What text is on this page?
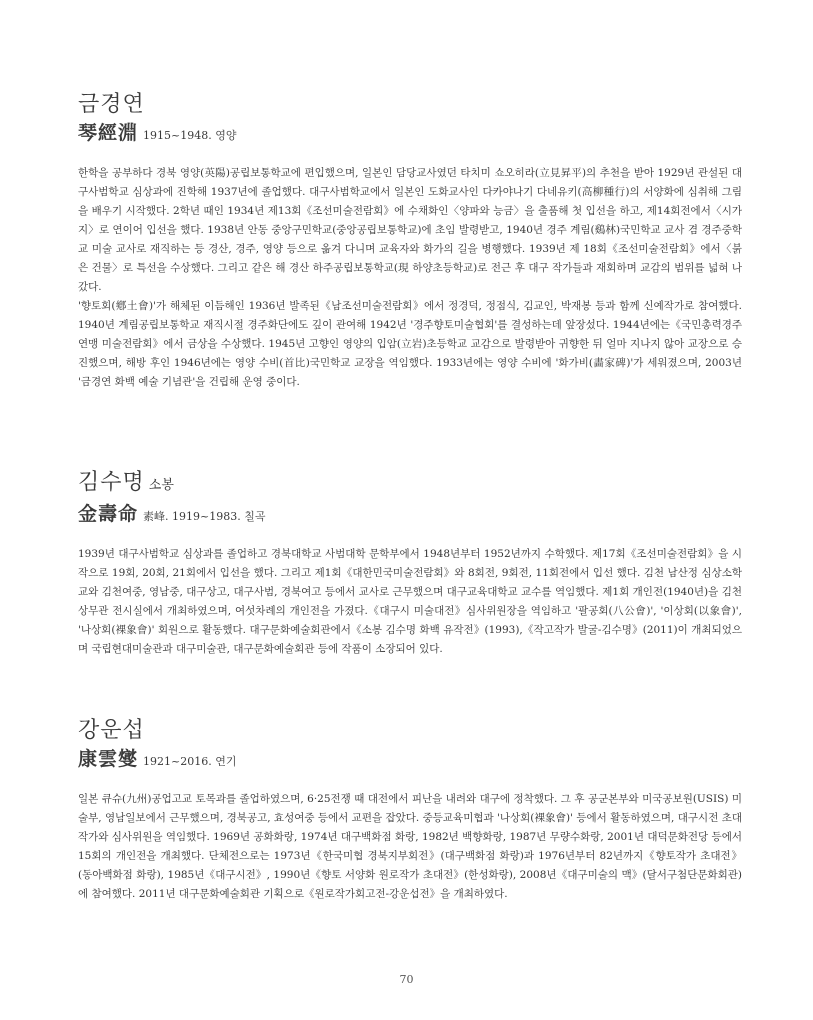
금경연
琴經淵 1915~1948. 영양

한학을 공부하다 경북 영양(英陽)공립보통학교에 편입했으며, 일본인 담당교사였던 타치미 쇼오히라(立見昇平)의 추천을 받아 1929년 관설된 대구사범학교 심상과에 진학해 1937년에 졸업했다. 대구사범학교에서 일본인 도화교사인 다카야나기 다네유키(高柳種行)의 서양화에 심취해 그림을 배우기 시작했다. 2학년 때인 1934년 제13회《조선미술전람회》에 수채화인〈양파와 능금〉을 출품해 첫 입선을 하고, 제14회전에서〈시가지〉로 연이어 입선을 했다. 1938년 안동 중앙구민학교(중앙공립보통학교)에 초임 발령받고, 1940년 경주 계림(鷄林)국민학교 교사 겸 경주중학교 미술 교사로 재직하는 등 경산, 경주, 영양 등으로 옮겨 다니며 교육자와 화가의 길을 병행했다. 1939년 제 18회《조선미술전람회》에서〈붉은 건물〉로 특선을 수상했다. 그리고 같은 해 경산 하주공립보통학교(現 하양초등학교)로 전근 후 대구 작가들과 재회하며 교감의 범위를 넓혀 나갔다.

'향토회(鄕土會)'가 해체된 이듬해인 1936년 발족된《남조선미술전람회》에서 정경덕, 정점식, 김교인, 박재봉 등과 함께 신예작가로 참여했다. 1940년 계림공립보통학교 재직시절 경주화단에도 깊이 관여해 1942년 '경주향토미술협회'를 결성하는데 앞장섰다. 1944년에는《국민총력경주연맹 미술전람회》에서 금상을 수상했다. 1945년 고향인 영양의 입암(立岩)초등학교 교감으로 발령받아 귀향한 뒤 얼마 지나지 않아 교장으로 승진했으며, 해방 후인 1946년에는 영양 수비(首比)국민학교 교장을 역임했다. 1933년에는 영양 수비에 '화가비(畵家碑)'가 세워졌으며, 2003년 '금경연 화백 예술 기념관'을 건립해 운영 중이다.

김수명 소봉
金壽命 素峰. 1919~1983. 칠곡

1939년 대구사범학교 심상과를 졸업하고 경북대학교 사범대학 문학부에서 1948년부터 1952년까지 수학했다. 제17회《조선미술전람회》을 시작으로 19회, 20회, 21회에서 입선을 했다. 그리고 제1회《대한민국미술전람회》와 8회전, 9회전, 11회전에서 입선 했다. 김천 남산정 심상소학교와 김천여중, 영남중, 대구상고, 대구사범, 경북여고 등에서 교사로 근무했으며 대구교육대학교 교수를 역임했다. 제1회 개인전(1940년)을 김천 상무관 전시실에서 개최하였으며, 여섯차례의 개인전을 가졌다.《대구시 미술대전》심사위원장을 역임하고 '팔공회(八公會)', '이상회(以象會)', '나상회(裸象會)' 회원으로 활동했다. 대구문화예술회관에서《소봉 김수명 화백 유작전》(1993),《작고작가 발굴-김수명》(2011)이 개최되었으며 국립현대미술관과 대구미술관, 대구문화예술회관 등에 작품이 소장되어 있다.

강운섭
康雲燮 1921~2016. 연기

일본 큐슈(九州)공업고교 토목과를 졸업하였으며, 6·25전쟁 때 대전에서 피난을 내려와 대구에 정착했다. 그 후 공군본부와 미국공보원(USIS) 미술부, 영남일보에서 근무했으며, 경북공고, 효성여중 등에서 교편을 잡았다. 중등교육미협과 '나상회(裸象會)' 등에서 활동하였으며, 대구시전 초대작가와 심사위원을 역임했다. 1969년 공화화랑, 1974년 대구백화점 화랑, 1982년 백향화랑, 1987년 무량수화랑, 2001년 대덕문화전당 등에서 15회의 개인전을 개최했다. 단체전으로는 1973년《한국미협 경북지부회전》(대구백화점 화랑)과 1976년부터 82년까지《향토작가 초대전》(동아백화점 화랑), 1985년《대구시전》, 1990년《향토 서양화 원로작가 초대전》(한성화랑), 2008년《대구미술의 맥》(달서구첨단문화회관)에 참여했다. 2011년 대구문화예술회관 기획으로《원로작가회고전-강운섭전》을 개최하였다.

70
